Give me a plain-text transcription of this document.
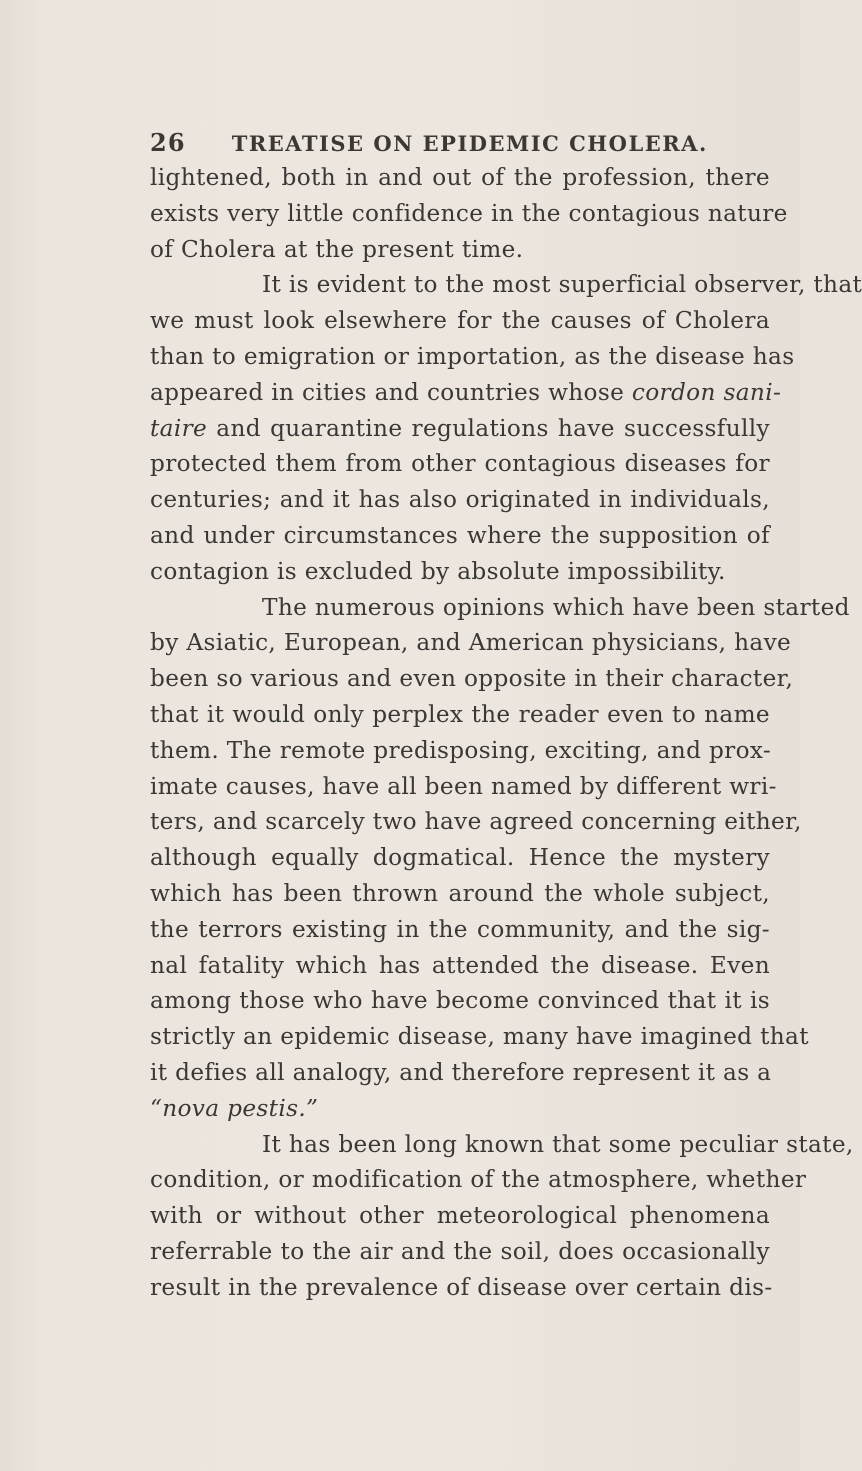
26 TREATISE ON EPIDEMIC CHOLERA.
lightened, both in and out of the profession, there
exists very little confidence in the contagious nature
of Cholera at the present time.
It is evident to the most superficial observer, that
we must look elsewhere for the causes of Cholera
than to emigration or importation, as the disease has
appeared in cities and countries whose cordon sani-
taire and quarantine regulations have successfully
protected them from other contagious diseases for
centuries; and it has also originated in individuals,
and under circumstances where the supposition of
contagion is excluded by absolute impossibility.
The numerous opinions which have been started
by Asiatic, European, and American physicians, have
been so various and even opposite in their character,
that it would only perplex the reader even to name
them. The remote predisposing, exciting, and prox-
imate causes, have all been named by different wri-
ters, and scarcely two have agreed concerning either,
although equally dogmatical. Hence the mystery
which has been thrown around the whole subject,
the terrors existing in the community, and the sig-
nal fatality which has attended the disease. Even
among those who have become convinced that it is
strictly an epidemic disease, many have imagined that
it defies all analogy, and therefore represent it as a
“nova pestis.”
It has been long known that some peculiar state,
condition, or modification of the atmosphere, whether
with or without other meteorological phenomena
referrable to the air and the soil, does occasionally
result in the prevalence of disease over certain dis-
